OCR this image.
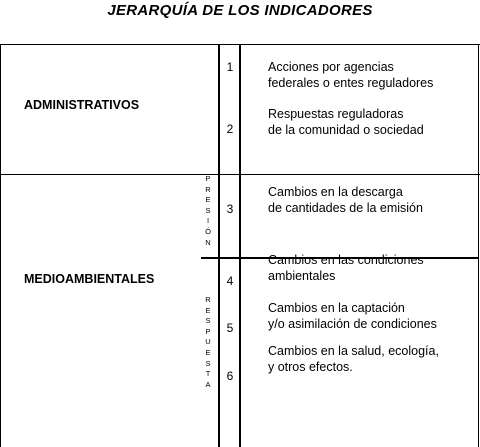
JERARQUÍA DE LOS INDICADORES
ADMINISTRATIVOS
MEDIOAMBIENTALES
P
R
E
S
I
Ó
N
R
E
S
P
U
E
S
T
A
1
2
3
4
5
6
Acciones por agencias
federales o entes reguladores
Respuestas reguladoras
de la comunidad o sociedad
Cambios en la descarga
de cantidades de la emisión
Cambios en las condiciones
ambientales
Cambios en la captación
y/o asimilación de condiciones
Cambios en la salud, ecología,
y otros efectos.
